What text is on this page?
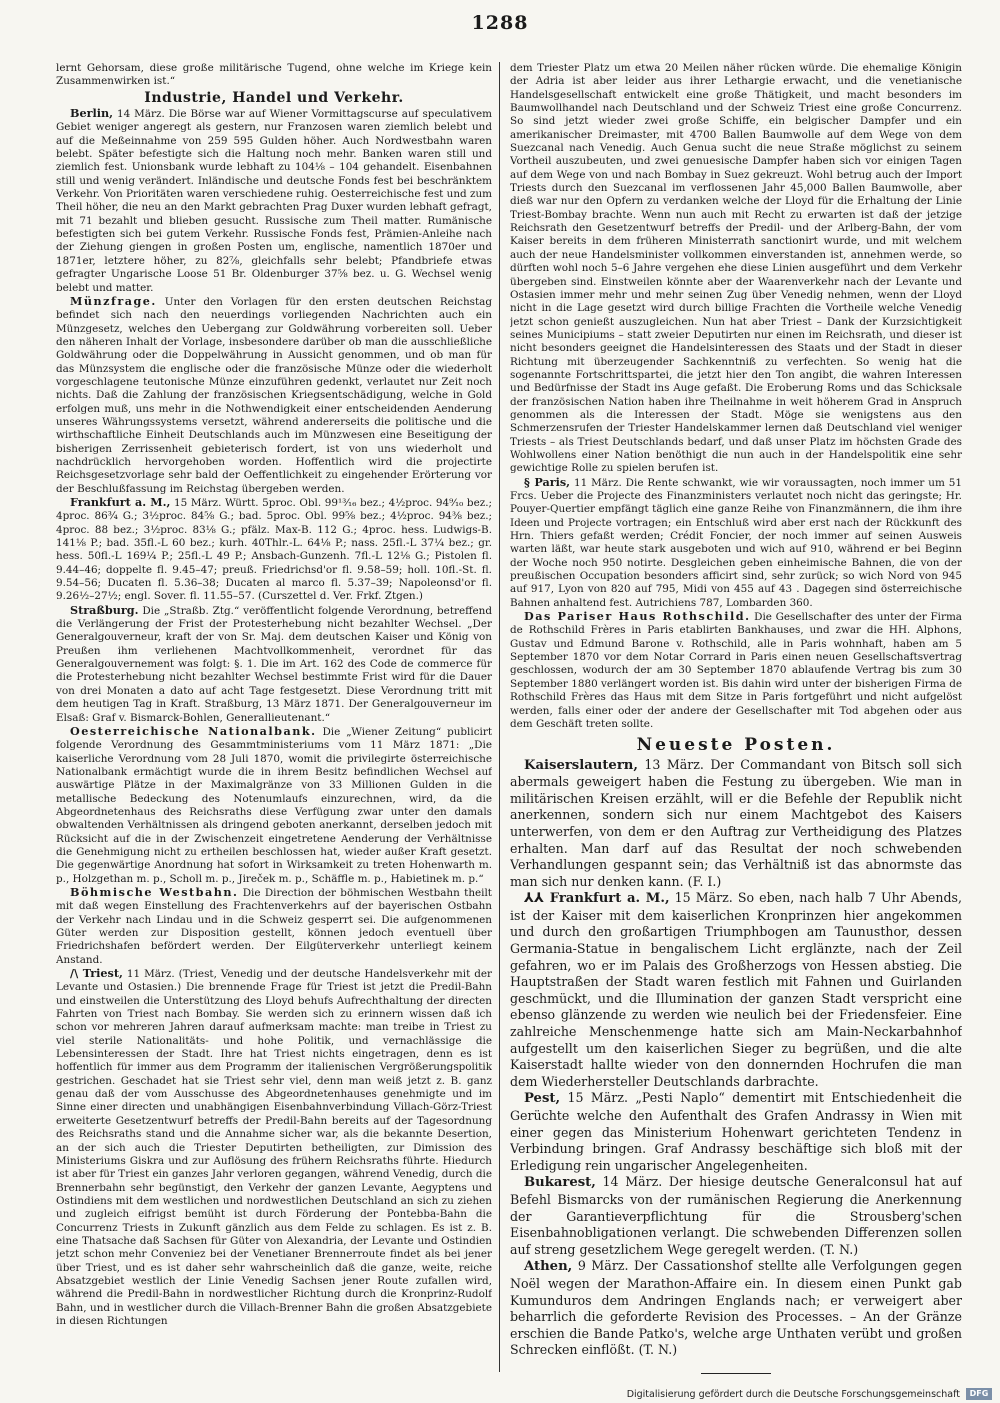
1288

lernt Gehorsam, diese große militärische Tugend, ohne welche im Kriege kein Zusammenwirken ist.“

Industrie, Handel und Verkehr.

Berlin, 14 März. Die Börse war auf Wiener Vormittagscurse auf speculativem Gebiet weniger angeregt als gestern, nur Franzosen waren ziemlich belebt und auf die Meßeinnahme von 259 595 Gulden höher. Auch Nordwestbahn waren belebt. Später befestigte sich die Haltung noch mehr. Banken waren still und ziemlich fest. Unionsbank wurde lebhaft zu 104⅛ – 104 gehandelt. Eisenbahnen still und wenig verändert. Inländische und deutsche Fonds fest bei beschränktem Verkehr. Von Prioritäten waren verschiedene ruhig. Oesterreichische fest und zum Theil höher, die neu an den Markt gebrachten Prag Duxer wurden lebhaft gefragt, mit 71 bezahlt und blieben gesucht. Russische zum Theil matter. Rumänische befestigten sich bei gutem Verkehr. Russische Fonds fest, Prämien-Anleihe nach der Ziehung giengen in großen Posten um, englische, namentlich 1870er und 1871er, letztere höher, zu 82⅞, gleichfalls sehr belebt; Pfandbriefe etwas gefragter Ungarische Loose 51 Br. Oldenburger 37⅝ bez. u. G. Wechsel wenig belebt und matter.

Münzfrage. Unter den Vorlagen für den ersten deutschen Reichstag befindet sich nach den neuerdings vorliegenden Nachrichten auch ein Münzgesetz, welches den Uebergang zur Goldwährung vorbereiten soll. Ueber den näheren Inhalt der Vorlage, insbesondere darüber ob man die ausschließliche Goldwährung oder die Doppelwährung in Aussicht genommen, und ob man für das Münzsystem die englische oder die französische Münze oder die wiederholt vorgeschlagene teutonische Münze einzuführen gedenkt, verlautet nur Zeit noch nichts. Daß die Zahlung der französischen Kriegsentschädigung, welche in Gold erfolgen muß, uns mehr in die Nothwendigkeit einer entscheidenden Aenderung unseres Währungssystems versetzt, während andererseits die politische und die wirthschaftliche Einheit Deutschlands auch im Münzwesen eine Beseitigung der bisherigen Zerrissenheit gebieterisch fordert, ist von uns wiederholt und nachdrücklich hervorgehoben worden. Hoffentlich wird die projectirte Reichsgesetzvorlage sehr bald der Oeffentlichkeit zu eingehender Erörterung vor der Beschlußfassung im Reichstag übergeben werden.

Frankfurt a. M., 15 März. Württ. 5proc. Obl. 99¹³⁄₁₆ bez.; 4½proc. 94⁹⁄₁₀ bez.; 4proc. 86¾ G.; 3½proc. 84⅝ G.; bad. 5proc. Obl. 99⅝ bez.; 4½proc. 94⅜ bez.; 4proc. 88 bez.; 3½proc. 83⅛ G.; pfälz. Max-B. 112 G.; 4proc. hess. Ludwigs-B. 141⅛ P.; bad. 35fl.-L 60 bez.; kurh. 40Thlr.-L. 64⅛ P.; nass. 25fl.-L 37¼ bez.; gr. hess. 50fl.-L 169¼ P.; 25fl.-L 49 P.; Ansbach-Gunzenh. 7fl.-L 12⅛ G.; Pistolen fl. 9.44–46; doppelte fl. 9.45–47; preuß. Friedrichsd'or fl. 9.58–59; holl. 10fl.-St. fl. 9.54–56; Ducaten fl. 5.36–38; Ducaten al marco fl. 5.37–39; Napoleonsd'or fl. 9.26½–27½; engl. Sover. fl. 11.55–57. (Curszettel d. Ver. Frkf. Ztgen.)

Straßburg. Die „Straßb. Ztg.“ veröffentlicht folgende Verordnung, betreffend die Verlängerung der Frist der Protesterhebung nicht bezahlter Wechsel. „Der Generalgouverneur, kraft der von Sr. Maj. dem deutschen Kaiser und König von Preußen ihm verliehenen Machtvollkommenheit, verordnet für das Generalgouvernement was folgt: §. 1. Die im Art. 162 des Code de commerce für die Protesterhebung nicht bezahlter Wechsel bestimmte Frist wird für die Dauer von drei Monaten a dato auf acht Tage festgesetzt. Diese Verordnung tritt mit dem heutigen Tag in Kraft. Straßburg, 13 März 1871. Der Generalgouverneur im Elsaß: Graf v. Bismarck-Bohlen, Generallieutenant.“

Oesterreichische Nationalbank. Die „Wiener Zeitung“ publicirt folgende Verordnung des Gesammtministeriums vom 11 März 1871: „Die kaiserliche Verordnung vom 28 Juli 1870, womit die privilegirte österreichische Nationalbank ermächtigt wurde die in ihrem Besitz befindlichen Wechsel auf auswärtige Plätze in der Maximalgränze von 33 Millionen Gulden in die metallische Bedeckung des Notenumlaufs einzurechnen, wird, da die Abgeordnetenhaus des Reichsraths diese Verfügung zwar unter den damals obwaltenden Verhältnissen als dringend geboten anerkannt, derselben jedoch mit Rücksicht auf die in der Zwischenzeit eingetretene Aenderung der Verhältnisse die Genehmigung nicht zu ertheilen beschlossen hat, wieder außer Kraft gesetzt. Die gegenwärtige Anordnung hat sofort in Wirksamkeit zu treten Hohenwarth m. p., Holzgethan m. p., Scholl m. p., Jireček m. p., Schäffle m. p., Habietinek m. p.“

Böhmische Westbahn. Die Direction der böhmischen Westbahn theilt mit daß wegen Einstellung des Frachtenverkehrs auf der bayerischen Ostbahn der Verkehr nach Lindau und in die Schweiz gesperrt sei. Die aufgenommenen Güter werden zur Disposition gestellt, können jedoch eventuell über Friedrichshafen befördert werden. Der Eilgüterverkehr unterliegt keinem Anstand.

/\ Triest, 11 März. (Triest, Venedig und der deutsche Handelsverkehr mit der Levante und Ostasien.) Die brennende Frage für Triest ist jetzt die Predil-Bahn und einstweilen die Unterstützung des Lloyd behufs Aufrechthaltung der directen Fahrten von Triest nach Bombay. Sie werden sich zu erinnern wissen daß ich schon vor mehreren Jahren darauf aufmerksam machte: man treibe in Triest zu viel sterile Nationalitäts- und hohe Politik, und vernachlässige die Lebensinteressen der Stadt. Ihre hat Triest nichts eingetragen, denn es ist hoffentlich für immer aus dem Programm der italienischen Vergrößerungspolitik gestrichen. Geschadet hat sie Triest sehr viel, denn man weiß jetzt z. B. ganz genau daß der vom Ausschusse des Abgeordnetenhauses genehmigte und im Sinne einer directen und unabhängigen Eisenbahnverbindung Villach-Görz-Triest erweiterte Gesetzentwurf betreffs der Predil-Bahn bereits auf der Tagesordnung des Reichsraths stand und die Annahme sicher war, als die bekannte Desertion, an der sich auch die Triester Deputirten betheiligten, zur Dimission des Ministeriums Giskra und zur Auflösung des frühern Reichsraths führte. Hiedurch ist aber für Triest ein ganzes Jahr verloren gegangen, während Venedig, durch die Brennerbahn sehr begünstigt, den Verkehr der ganzen Levante, Aegyptens und Ostindiens mit dem westlichen und nordwestlichen Deutschland an sich zu ziehen und zugleich eifrigst bemüht ist durch Förderung der Pontebba-Bahn die Concurrenz Triests in Zukunft gänzlich aus dem Felde zu schlagen. Es ist z. B. eine Thatsache daß Sachsen für Güter von Alexandria, der Levante und Ostindien jetzt schon mehr Conveniez bei der Venetianer Brennerroute findet als bei jener über Triest, und es ist daher sehr wahrscheinlich daß die ganze, weite, reiche Absatzgebiet westlich der Linie Venedig Sachsen jener Route zufallen wird, während die Predil-Bahn in nordwestlicher Richtung durch die Kronprinz-Rudolf Bahn, und in westlicher durch die Villach-Brenner Bahn die großen Absatzgebiete in diesen Richtungen

dem Triester Platz um etwa 20 Meilen näher rücken würde. Die ehemalige Königin der Adria ist aber leider aus ihrer Lethargie erwacht, und die venetianische Handelsgesellschaft entwickelt eine große Thätigkeit, und macht besonders im Baumwollhandel nach Deutschland und der Schweiz Triest eine große Concurrenz. So sind jetzt wieder zwei große Schiffe, ein belgischer Dampfer und ein amerikanischer Dreimaster, mit 4700 Ballen Baumwolle auf dem Wege von dem Suezcanal nach Venedig. Auch Genua sucht die neue Straße möglichst zu seinem Vortheil auszubeuten, und zwei genuesische Dampfer haben sich vor einigen Tagen auf dem Wege von und nach Bombay in Suez gekreuzt. Wohl betrug auch der Import Triests durch den Suezcanal im verflossenen Jahr 45,000 Ballen Baumwolle, aber dieß war nur den Opfern zu verdanken welche der Lloyd für die Erhaltung der Linie Triest-Bombay brachte. Wenn nun auch mit Recht zu erwarten ist daß der jetzige Reichsrath den Gesetzentwurf betreffs der Predil- und der Arlberg-Bahn, der vom Kaiser bereits in dem früheren Ministerrath sanctionirt wurde, und mit welchem auch der neue Handelsminister vollkommen einverstanden ist, annehmen werde, so dürften wohl noch 5–6 Jahre vergehen ehe diese Linien ausgeführt und dem Verkehr übergeben sind. Einstweilen könnte aber der Waarenverkehr nach der Levante und Ostasien immer mehr und mehr seinen Zug über Venedig nehmen, wenn der Lloyd nicht in die Lage gesetzt wird durch billige Frachten die Vortheile welche Venedig jetzt schon genießt auszugleichen. Nun hat aber Triest – Dank der Kurzsichtigkeit seines Municipiums – statt zweier Deputirten nur einen im Reichsrath, und dieser ist nicht besonders geeignet die Handelsinteressen des Staats und der Stadt in dieser Richtung mit überzeugender Sachkenntniß zu verfechten. So wenig hat die sogenannte Fortschrittspartei, die jetzt hier den Ton angibt, die wahren Interessen und Bedürfnisse der Stadt ins Auge gefaßt. Die Eroberung Roms und das Schicksale der französischen Nation haben ihre Theilnahme in weit höherem Grad in Anspruch genommen als die Interessen der Stadt. Möge sie wenigstens aus den Schmerzensrufen der Triester Handelskammer lernen daß Deutschland viel weniger Triests – als Triest Deutschlands bedarf, und daß unser Platz im höchsten Grade des Wohlwollens einer Nation benöthigt die nun auch in der Handelspolitik eine sehr gewichtige Rolle zu spielen berufen ist.

§ Paris, 11 März. Die Rente schwankt, wie wir voraussagten, noch immer um 51 Frcs. Ueber die Projecte des Finanzministers verlautet noch nicht das geringste; Hr. Pouyer-Quertier empfängt täglich eine ganze Reihe von Finanzmännern, die ihm ihre Ideen und Projecte vortragen; ein Entschluß wird aber erst nach der Rückkunft des Hrn. Thiers gefaßt werden; Crédit Foncier, der noch immer auf seinen Ausweis warten läßt, war heute stark ausgeboten und wich auf 910, während er bei Beginn der Woche noch 950 notirte. Desgleichen geben einheimische Bahnen, die von der preußischen Occupation besonders afficirt sind, sehr zurück; so wich Nord von 945 auf 917, Lyon von 820 auf 795, Midi von 455 auf 43 . Dagegen sind österreichische Bahnen anhaltend fest. Autrichiens 787, Lombarden 360.

Das Pariser Haus Rothschild. Die Gesellschafter des unter der Firma de Rothschild Frères in Paris etablirten Bankhauses, und zwar die HH. Alphons, Gustav und Edmund Barone v. Rothschild, alle in Paris wohnhaft, haben am 5 September 1870 vor dem Notar Corrard in Paris einen neuen Gesellschaftsvertrag geschlossen, wodurch der am 30 September 1870 ablaufende Vertrag bis zum 30 September 1880 verlängert worden ist. Bis dahin wird unter der bisherigen Firma de Rothschild Frères das Haus mit dem Sitze in Paris fortgeführt und nicht aufgelöst werden, falls einer oder der andere der Gesellschafter mit Tod abgehen oder aus dem Geschäft treten sollte.

Neueste Posten.

Kaiserslautern, 13 März. Der Commandant von Bitsch soll sich abermals geweigert haben die Festung zu übergeben. Wie man in militärischen Kreisen erzählt, will er die Befehle der Republik nicht anerkennen, sondern sich nur einem Machtgebot des Kaisers unterwerfen, von dem er den Auftrag zur Vertheidigung des Platzes erhalten. Man darf auf das Resultat der noch schwebenden Verhandlungen gespannt sein; das Verhältniß ist das abnormste das man sich nur denken kann. (F. I.)

⅄⅄ Frankfurt a. M., 15 März. So eben, nach halb 7 Uhr Abends, ist der Kaiser mit dem kaiserlichen Kronprinzen hier angekommen und durch den großartigen Triumphbogen am Taunusthor, dessen Germania-Statue in bengalischem Licht erglänzte, nach der Zeil gefahren, wo er im Palais des Großherzogs von Hessen abstieg. Die Hauptstraßen der Stadt waren festlich mit Fahnen und Guirlanden geschmückt, und die Illumination der ganzen Stadt verspricht eine ebenso glänzende zu werden wie neulich bei der Friedensfeier. Eine zahlreiche Menschenmenge hatte sich am Main-Neckarbahnhof aufgestellt um den kaiserlichen Sieger zu begrüßen, und die alte Kaiserstadt hallte wieder von den donnernden Hochrufen die man dem Wiederhersteller Deutschlands darbrachte.

Pest, 15 März. „Pesti Naplo“ dementirt mit Entschiedenheit die Gerüchte welche den Aufenthalt des Grafen Andrassy in Wien mit einer gegen das Ministerium Hohenwart gerichteten Tendenz in Verbindung bringen. Graf Andrassy beschäftige sich bloß mit der Erledigung rein ungarischer Angelegenheiten.

Bukarest, 14 März. Der hiesige deutsche Generalconsul hat auf Befehl Bismarcks von der rumänischen Regierung die Anerkennung der Garantieverpflichtung für die Strousberg'schen Eisenbahnobligationen verlangt. Die schwebenden Differenzen sollen auf streng gesetzlichem Wege geregelt werden. (T. N.)

Athen, 9 März. Der Cassationshof stellte alle Verfolgungen gegen Noël wegen der Marathon-Affaire ein. In diesem einen Punkt gab Kumunduros dem Andringen Englands nach; er verweigert aber beharrlich die geforderte Revision des Processes. – An der Gränze erschien die Bande Patko's, welche arge Unthaten verübt und großen Schrecken einflößt. (T. N.)

Digitalisierung gefördert durch die Deutsche Forschungsgemeinschaft	DFG
